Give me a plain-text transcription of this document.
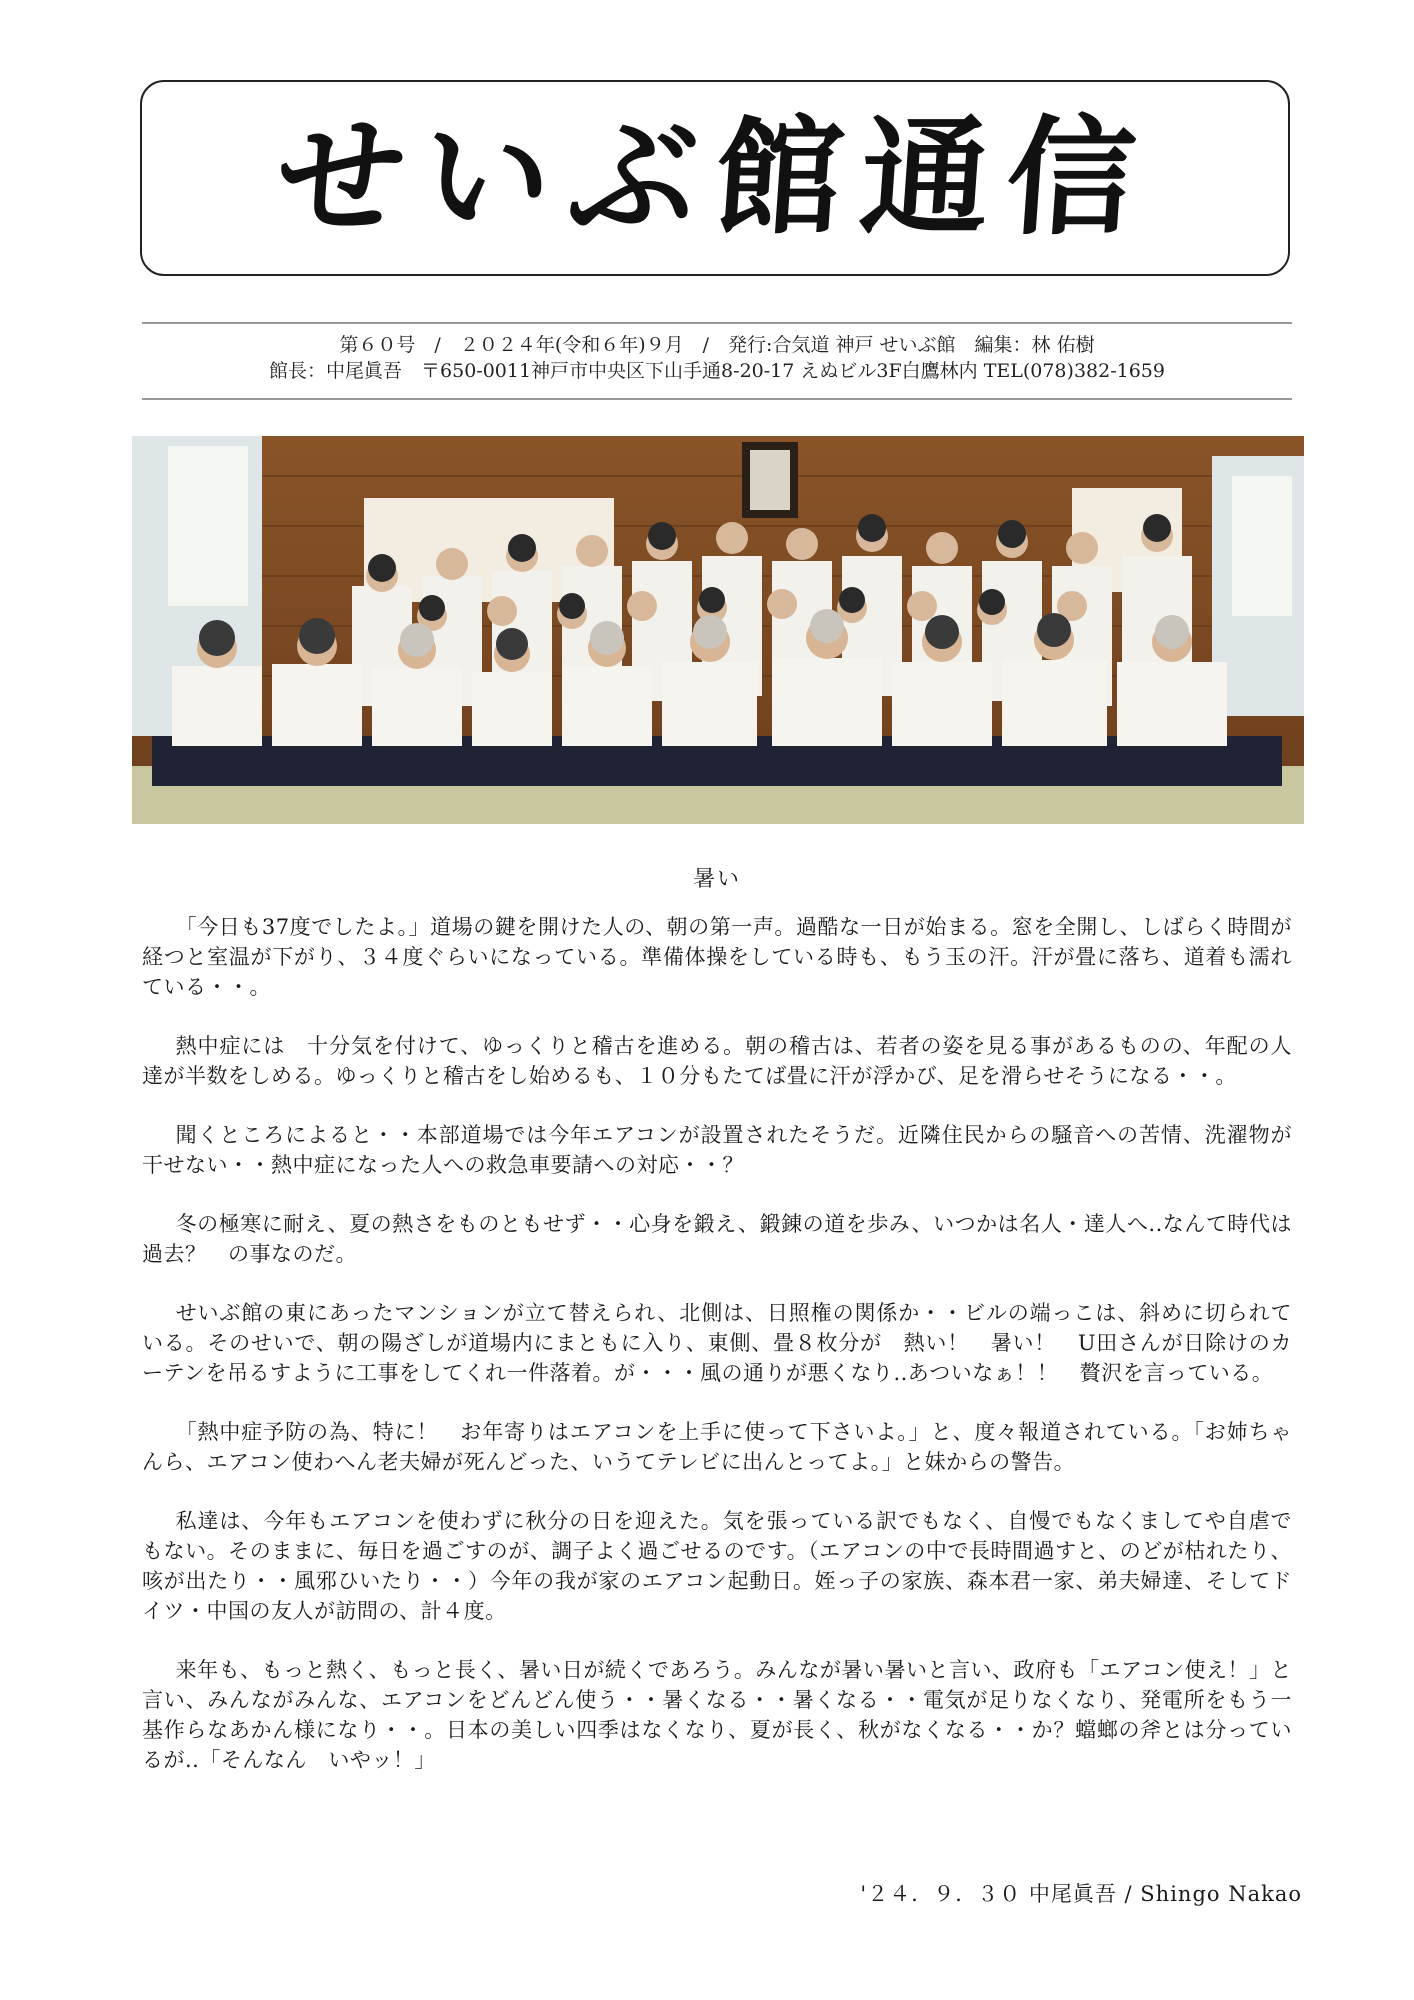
せいぶ館通信
第６０号　/　２０２４年(令和６年)９月　/　発行:合気道 神戸 せいぶ館　編集：林 佑樹
館長：中尾眞吾　〒650-0011神戸市中央区下山手通8-20-17 えぬビル3F白鷹林内 TEL(078)382-1659
暑い

「今日も37度でしたよ。」道場の鍵を開けた人の、朝の第一声。過酷な一日が始まる。窓を全開し、しばらく時間が経つと室温が下がり、３４度ぐらいになっている。準備体操をしている時も、もう玉の汗。汗が畳に落ち、道着も濡れている・・。

熱中症には　十分気を付けて、ゆっくりと稽古を進める。朝の稽古は、若者の姿を見る事があるものの、年配の人達が半数をしめる。ゆっくりと稽古をし始めるも、１０分もたてば畳に汗が浮かび、足を滑らせそうになる・・。

聞くところによると・・本部道場では今年エアコンが設置されたそうだ。近隣住民からの騒音への苦情、洗濯物が干せない・・熱中症になった人への救急車要請への対応・・？

冬の極寒に耐え、夏の熱さをものともせず・・心身を鍛え、鍛錬の道を歩み、いつかは名人・達人へ..なんて時代は過去？　の事なのだ。

せいぶ館の東にあったマンションが立て替えられ、北側は、日照権の関係か・・ビルの端っこは、斜めに切られている。そのせいで、朝の陽ざしが道場内にまともに入り、東側、畳８枚分が　熱い！　暑い！　U田さんが日除けのカーテンを吊るすように工事をしてくれ一件落着。が・・・風の通りが悪くなり..あついなぁ！！　贅沢を言っている。

「熱中症予防の為、特に！　お年寄りはエアコンを上手に使って下さいよ。」と、度々報道されている。「お姉ちゃんら、エアコン使わへん老夫婦が死んどった、いうてテレビに出んとってよ。」と妹からの警告。

私達は、今年もエアコンを使わずに秋分の日を迎えた。気を張っている訳でもなく、自慢でもなくましてや自虐でもない。そのままに、毎日を過ごすのが、調子よく過ごせるのです。（エアコンの中で長時間過すと、のどが枯れたり、咳が出たり・・風邪ひいたり・・）今年の我が家のエアコン起動日。姪っ子の家族、森本君一家、弟夫婦達、そしてドイツ・中国の友人が訪問の、計４度。

来年も、もっと熱く、もっと長く、暑い日が続くであろう。みんなが暑い暑いと言い、政府も「エアコン使え！」と言い、みんながみんな、エアコンをどんどん使う・・暑くなる・・暑くなる・・電気が足りなくなり、発電所をもう一基作らなあかん様になり・・。日本の美しい四季はなくなり、夏が長く、秋がなくなる・・か？蟷螂の斧とは分っているが..「そんなん　いやッ！」

'２４．９．３０ 中尾眞吾 / Shingo Nakao
